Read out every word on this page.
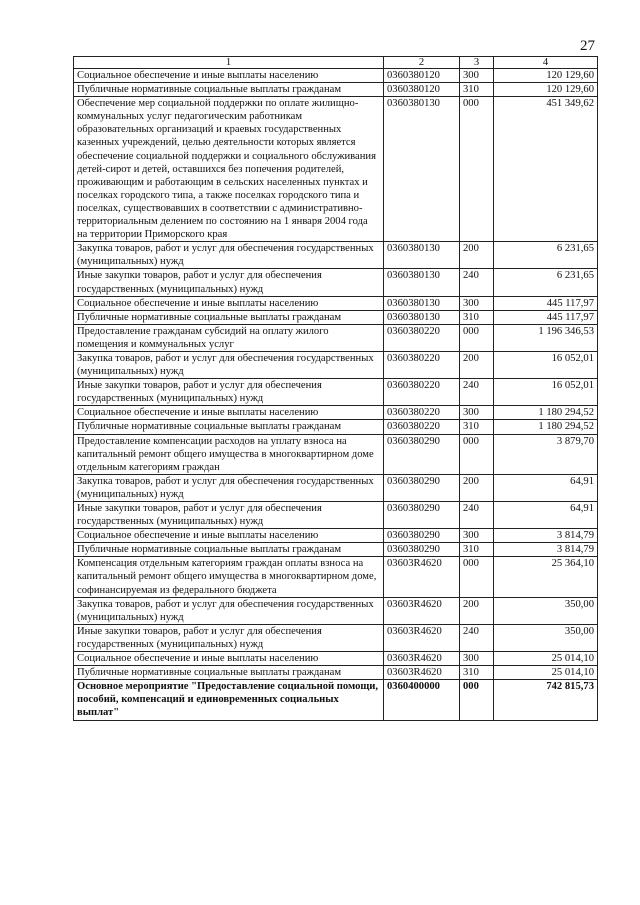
27
1	2	3	4
Социальное обеспечение и иные выплаты населению	0360380120	300	120 129,60
Публичные нормативные социальные выплаты гражданам	0360380120	310	120 129,60
Обеспечение мер социальной поддержки по оплате жилищно-коммунальных услуг педагогическим работникам образовательных организаций и краевых государственных казенных учреждений, целью деятельности которых является обеспечение социальной поддержки и социального обслуживания детей-сирот и детей, оставшихся без попечения родителей, проживающим и работающим в сельских населенных пунктах и поселках городского типа, а также поселках городского типа и поселках, существовавших в соответствии с административно-территориальным делением по состоянию на 1 января 2004 года на территории Приморского края	0360380130	000	451 349,62
Закупка товаров, работ и услуг для обеспечения государственных (муниципальных) нужд	0360380130	200	6 231,65
Иные закупки товаров, работ и услуг для обеспечения государственных (муниципальных) нужд	0360380130	240	6 231,65
Социальное обеспечение и иные выплаты населению	0360380130	300	445 117,97
Публичные нормативные социальные выплаты гражданам	0360380130	310	445 117,97
Предоставление гражданам субсидий на оплату жилого помещения и коммунальных услуг	0360380220	000	1 196 346,53
Закупка товаров, работ и услуг для обеспечения государственных (муниципальных) нужд	0360380220	200	16 052,01
Иные закупки товаров, работ и услуг для обеспечения государственных (муниципальных) нужд	0360380220	240	16 052,01
Социальное обеспечение и иные выплаты населению	0360380220	300	1 180 294,52
Публичные нормативные социальные выплаты гражданам	0360380220	310	1 180 294,52
Предоставление компенсации расходов на уплату взноса на капитальный ремонт общего имущества в многоквартирном доме отдельным категориям граждан	0360380290	000	3 879,70
Закупка товаров, работ и услуг для обеспечения государственных (муниципальных) нужд	0360380290	200	64,91
Иные закупки товаров, работ и услуг для обеспечения государственных (муниципальных) нужд	0360380290	240	64,91
Социальное обеспечение и иные выплаты населению	0360380290	300	3 814,79
Публичные нормативные социальные выплаты гражданам	0360380290	310	3 814,79
Компенсация отдельным категориям граждан оплаты взноса на капитальный ремонт общего имущества в многоквартирном доме, софинансируемая из федерального бюджета	03603R4620	000	25 364,10
Закупка товаров, работ и услуг для обеспечения государственных (муниципальных) нужд	03603R4620	200	350,00
Иные закупки товаров, работ и услуг для обеспечения государственных (муниципальных) нужд	03603R4620	240	350,00
Социальное обеспечение и иные выплаты населению	03603R4620	300	25 014,10
Публичные нормативные социальные выплаты гражданам	03603R4620	310	25 014,10
Основное мероприятие "Предоставление социальной помощи, пособий, компенсаций и единовременных социальных выплат"	0360400000	000	742 815,73
